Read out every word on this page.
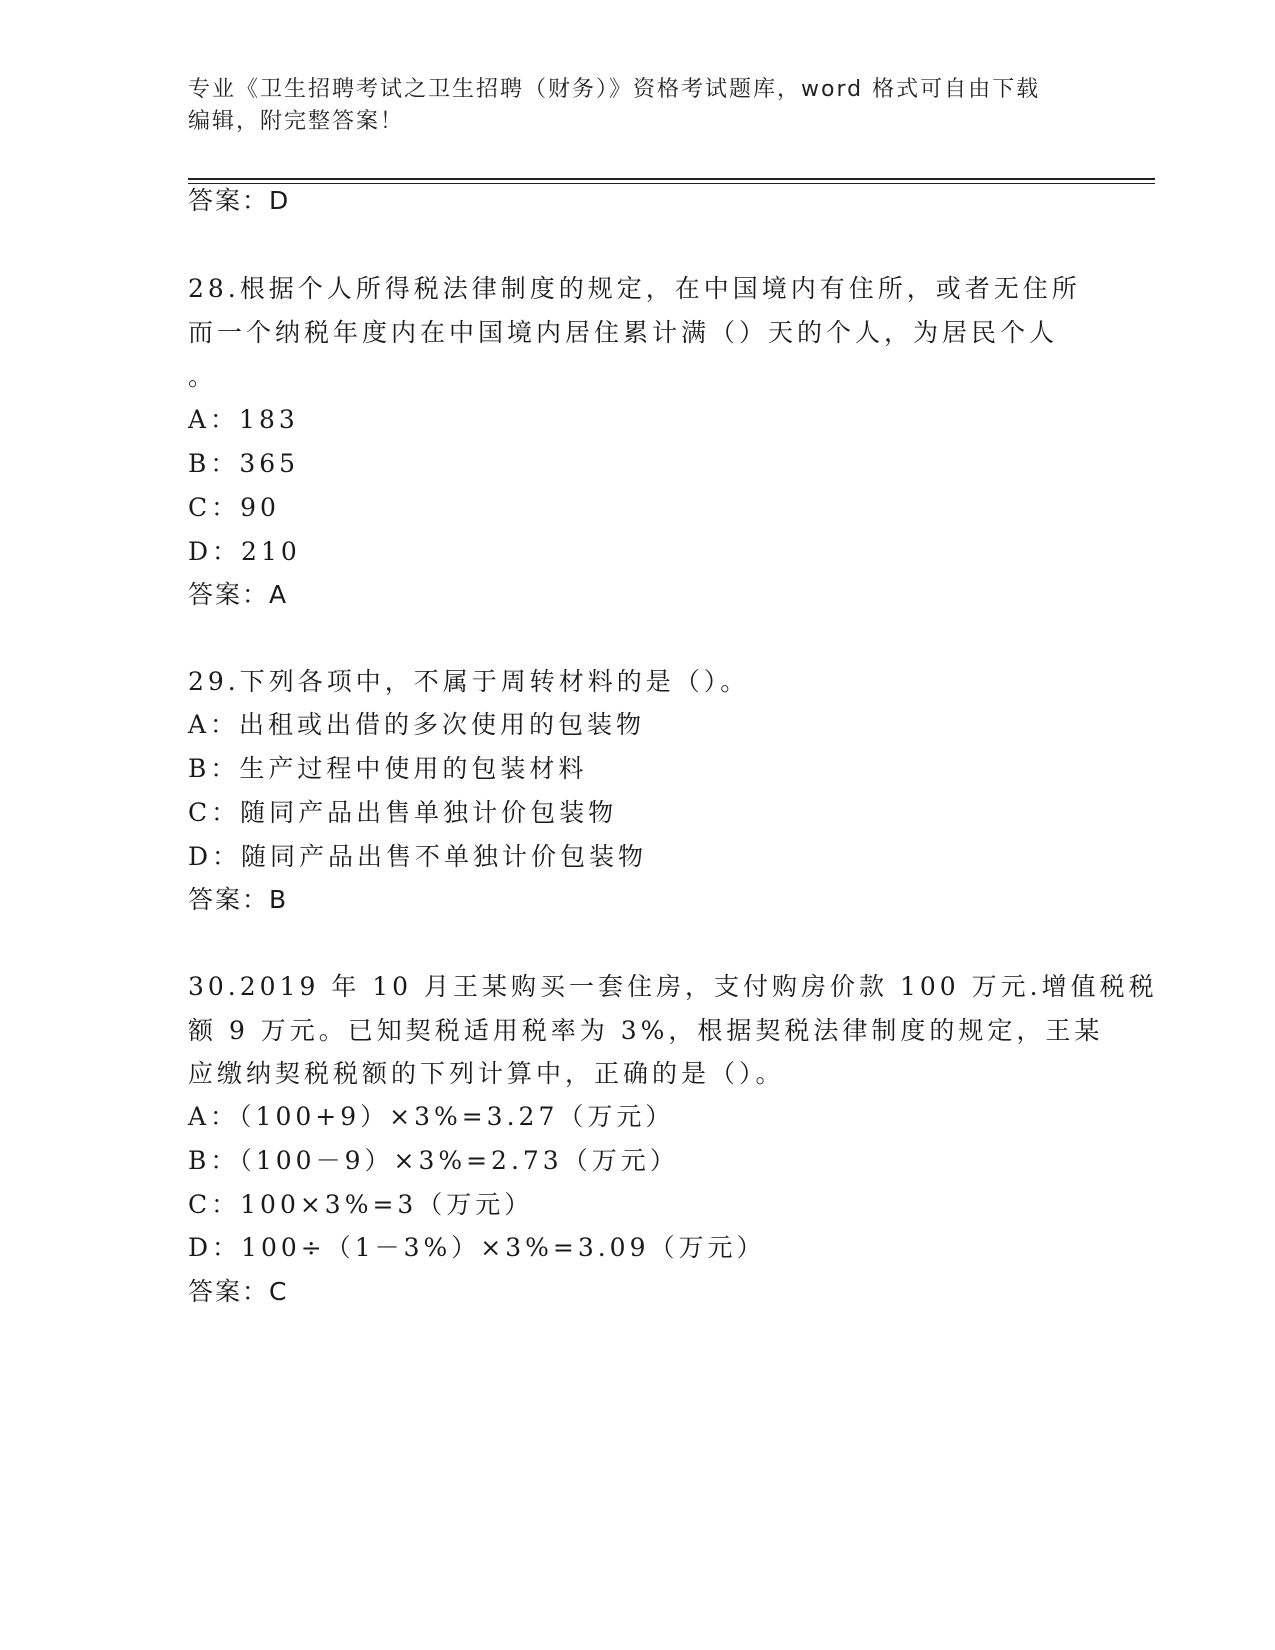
专业《卫生招聘考试之卫生招聘（财务）》资格考试题库，word 格式可自由下载
编辑，附完整答案！
答案：D
28.根据个人所得税法律制度的规定，在中国境内有住所，或者无住所
而一个纳税年度内在中国境内居住累计满（）天的个人，为居民个人
。
A：183
B：365
C：90
D：210
答案：A
29.下列各项中，不属于周转材料的是（）。
A：出租或出借的多次使用的包装物
B：生产过程中使用的包装材料
C：随同产品出售单独计价包装物
D：随同产品出售不单独计价包装物
答案：B
30.2019 年 10 月王某购买一套住房，支付购房价款 100 万元.增值税税
额 9 万元。已知契税适用税率为 3%，根据契税法律制度的规定，王某
应缴纳契税税额的下列计算中，正确的是（）。
A：（100+9）×3%=3.27（万元）
B：（100－9）×3%=2.73（万元）
C：100×3%=3（万元）
D：100÷（1－3%）×3%=3.09（万元）
答案：C
